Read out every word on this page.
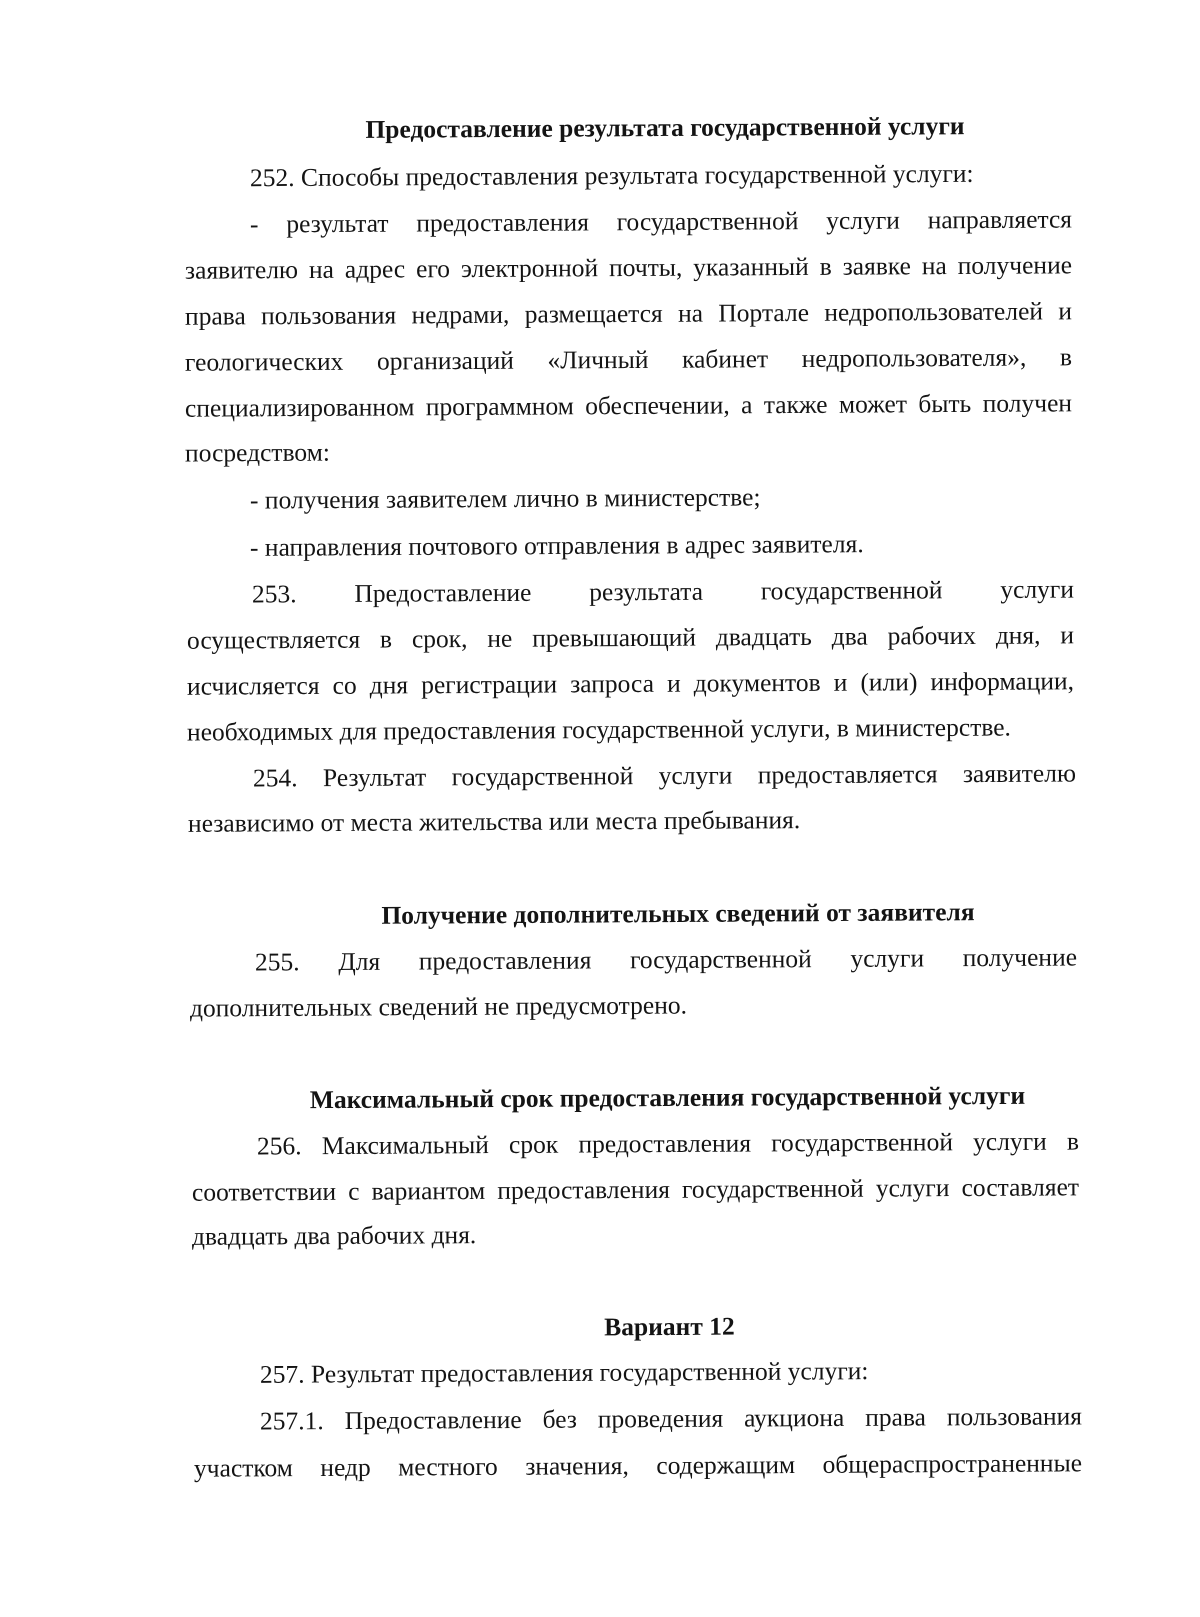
Предоставление результата государственной услуги

252. Способы предоставления результата государственной услуги:

- результат предоставления государственной услуги направляется

заявителю на адрес его электронной почты, указанный в заявке на получение

права пользования недрами, размещается на Портале недропользователей и

геологических организаций «Личный кабинет недропользователя», в

специализированном программном обеспечении, а также может быть получен

посредством:

- получения заявителем лично в министерстве;

- направления почтового отправления в адрес заявителя.

253. Предоставление результата государственной услуги

осуществляется в срок, не превышающий двадцать два рабочих дня, и

исчисляется со дня регистрации запроса и документов и (или) информации,

необходимых для предоставления государственной услуги, в министерстве.

254. Результат государственной услуги предоставляется заявителю

независимо от места жительства или места пребывания.

Получение дополнительных сведений от заявителя

255. Для предоставления государственной услуги получение

дополнительных сведений не предусмотрено.

Максимальный срок предоставления государственной услуги

256. Максимальный срок предоставления государственной услуги в

соответствии с вариантом предоставления государственной услуги составляет

двадцать два рабочих дня.

Вариант 12

257. Результат предоставления государственной услуги:

257.1. Предоставление без проведения аукциона права пользования

участком недр местного значения, содержащим общераспространенные
